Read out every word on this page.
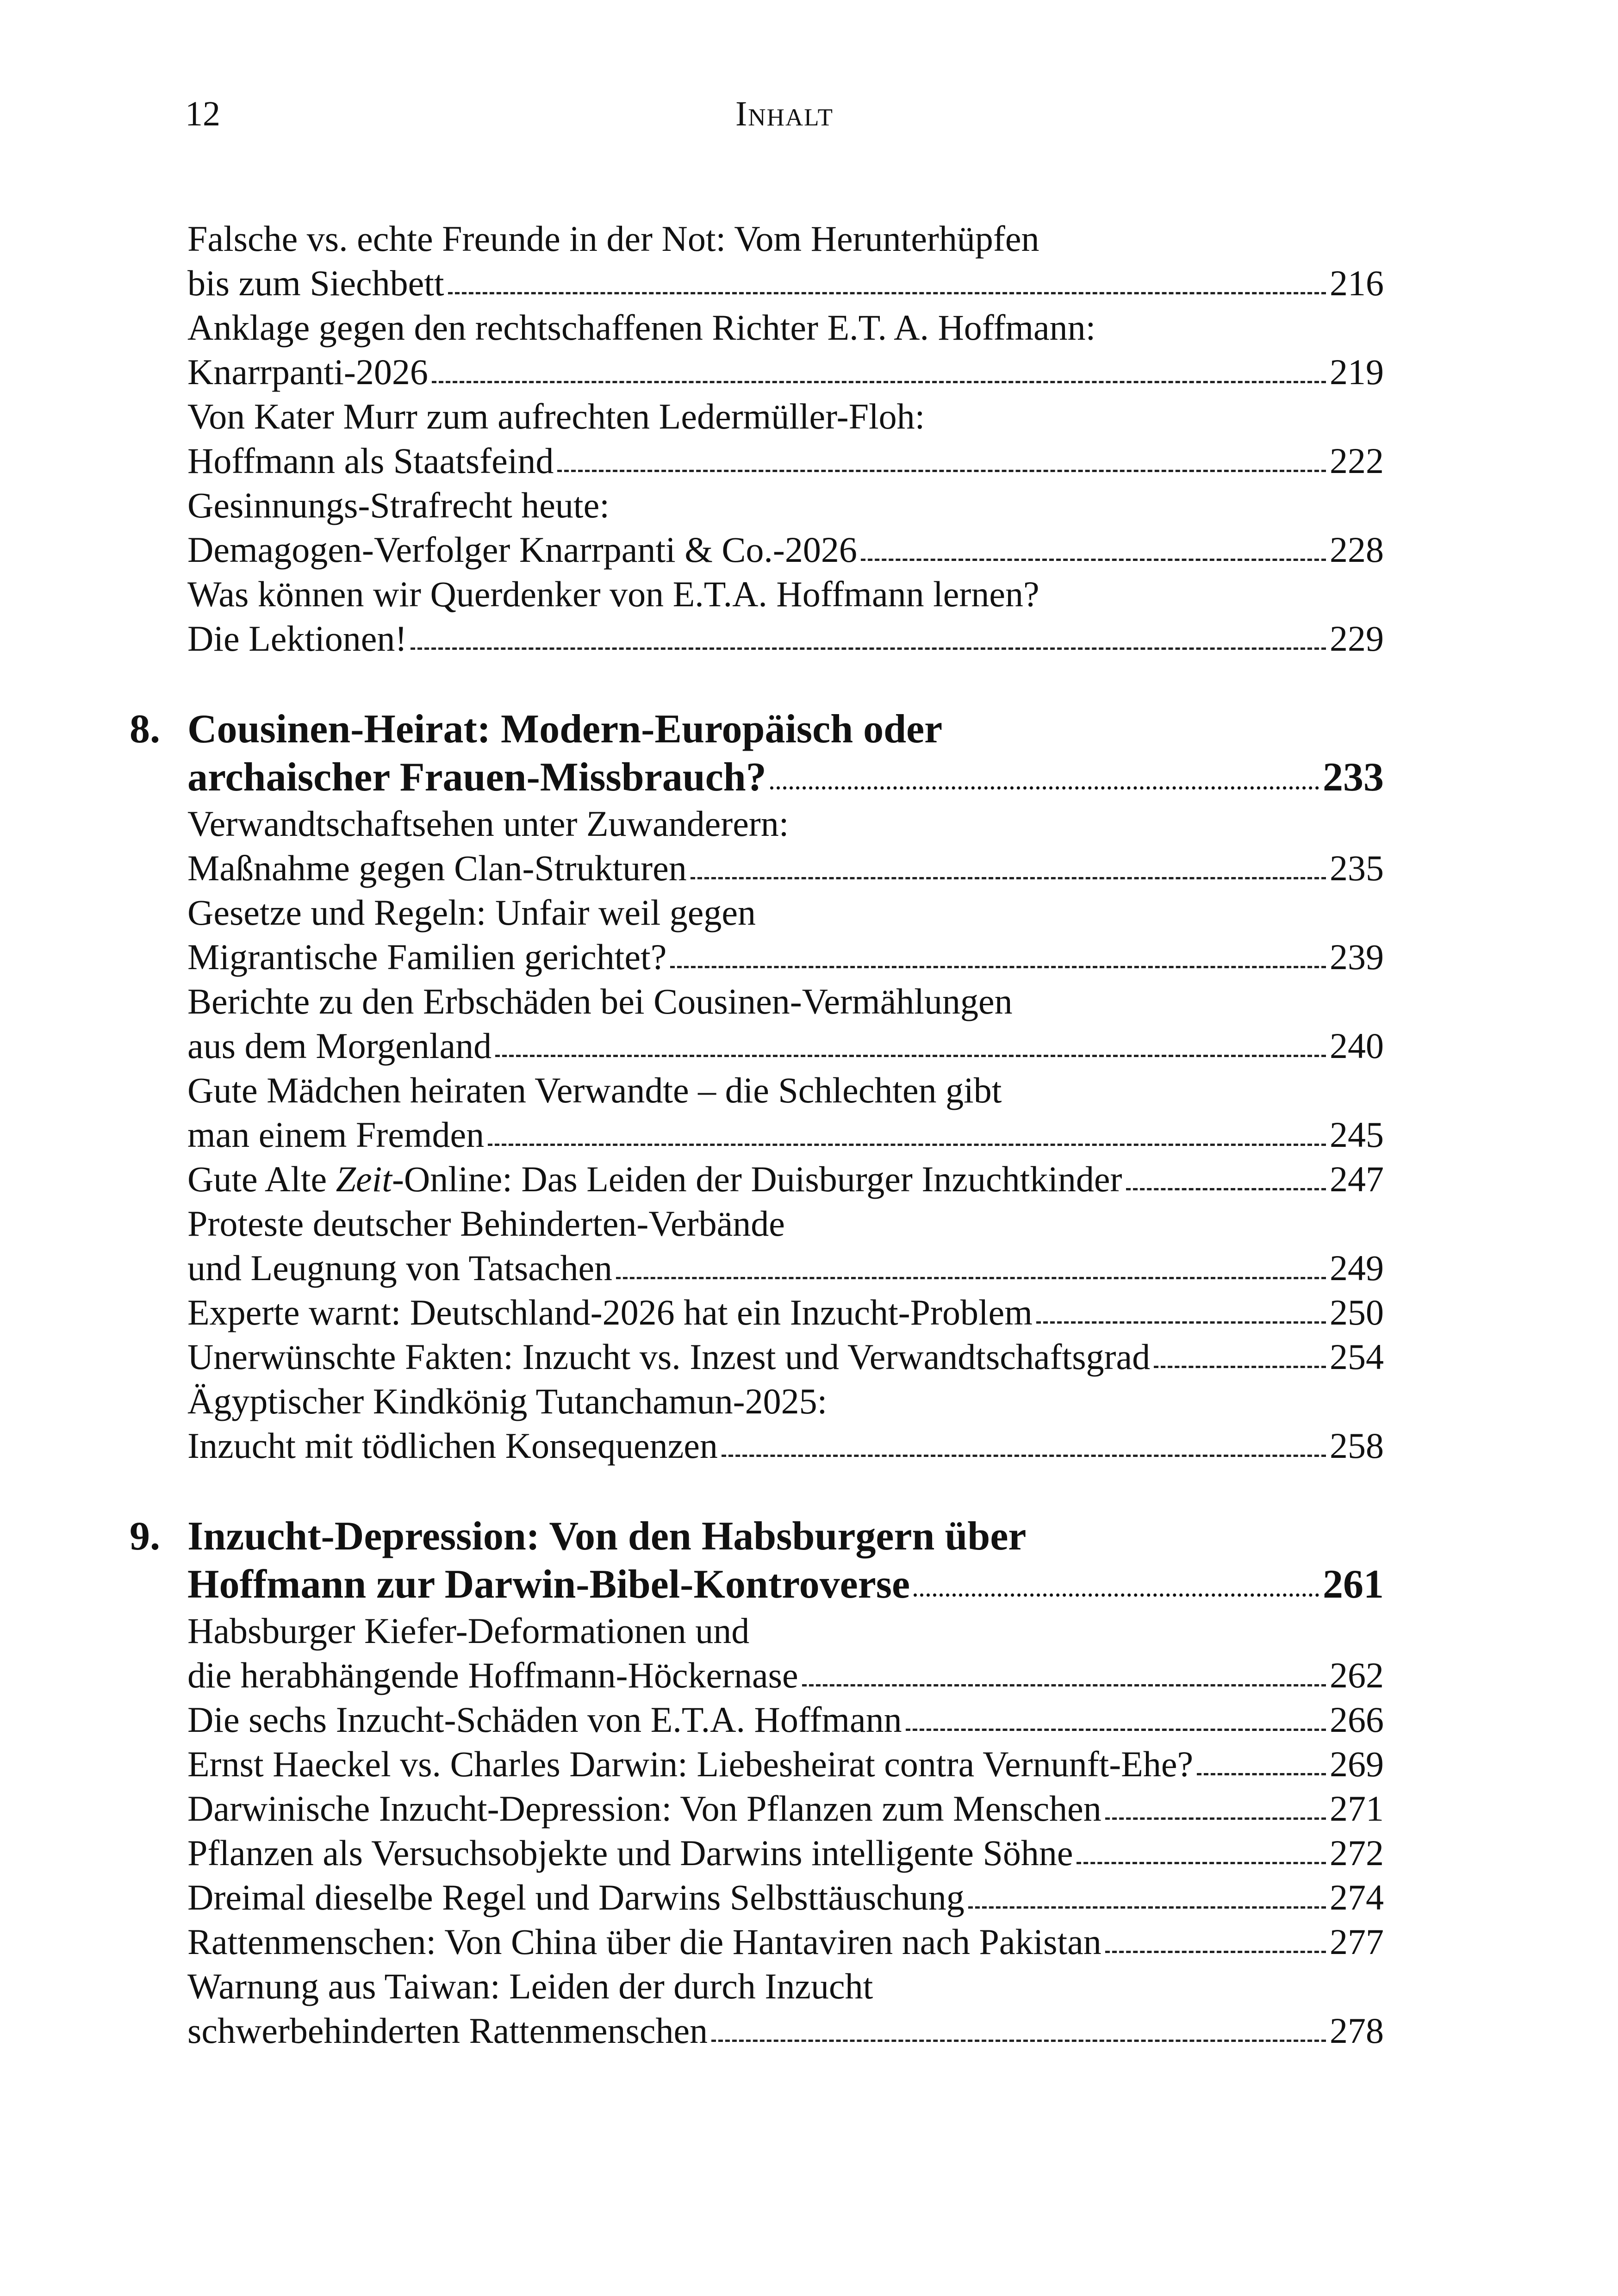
12	Inhalt
Falsche vs. echte Freunde in der Not: Vom Herunterhüpfen
bis zum Siechbett	216
Anklage gegen den rechtschaffenen Richter E.T. A. Hoffmann:
Knarrpanti-2026	219
Von Kater Murr zum aufrechten Ledermüller-Floh:
Hoffmann als Staatsfeind	222
Gesinnungs-Strafrecht heute:
Demagogen-Verfolger Knarrpanti & Co.-2026	228
Was können wir Querdenker von E.T.A. Hoffmann lernen?
Die Lektionen!	229
8. Cousinen-Heirat: Modern-Europäisch oder
archaischer Frauen-Missbrauch?	233
Verwandtschaftsehen unter Zuwanderern:
Maßnahme gegen Clan-Strukturen	235
Gesetze und Regeln: Unfair weil gegen
Migrantische Familien gerichtet?	239
Berichte zu den Erbschäden bei Cousinen-Vermählungen
aus dem Morgenland	240
Gute Mädchen heiraten Verwandte – die Schlechten gibt
man einem Fremden	245
Gute Alte Zeit-Online: Das Leiden der Duisburger Inzuchtkinder	247
Proteste deutscher Behinderten-Verbände
und Leugnung von Tatsachen	249
Experte warnt: Deutschland-2026 hat ein Inzucht-Problem	250
Unerwünschte Fakten: Inzucht vs. Inzest und Verwandtschaftsgrad	254
Ägyptischer Kindkönig Tutanchamun-2025:
Inzucht mit tödlichen Konsequenzen	258
9. Inzucht-Depression: Von den Habsburgern über
Hoffmann zur Darwin-Bibel-Kontroverse	261
Habsburger Kiefer-Deformationen und
die herabhängende Hoffmann-Höckernase	262
Die sechs Inzucht-Schäden von E.T.A. Hoffmann	266
Ernst Haeckel vs. Charles Darwin: Liebesheirat contra Vernunft-Ehe?	269
Darwinische Inzucht-Depression: Von Pflanzen zum Menschen	271
Pflanzen als Versuchsobjekte und Darwins intelligente Söhne	272
Dreimal dieselbe Regel und Darwins Selbsttäuschung	274
Rattenmenschen: Von China über die Hantaviren nach Pakistan	277
Warnung aus Taiwan: Leiden der durch Inzucht
schwerbehinderten Rattenmenschen	278
